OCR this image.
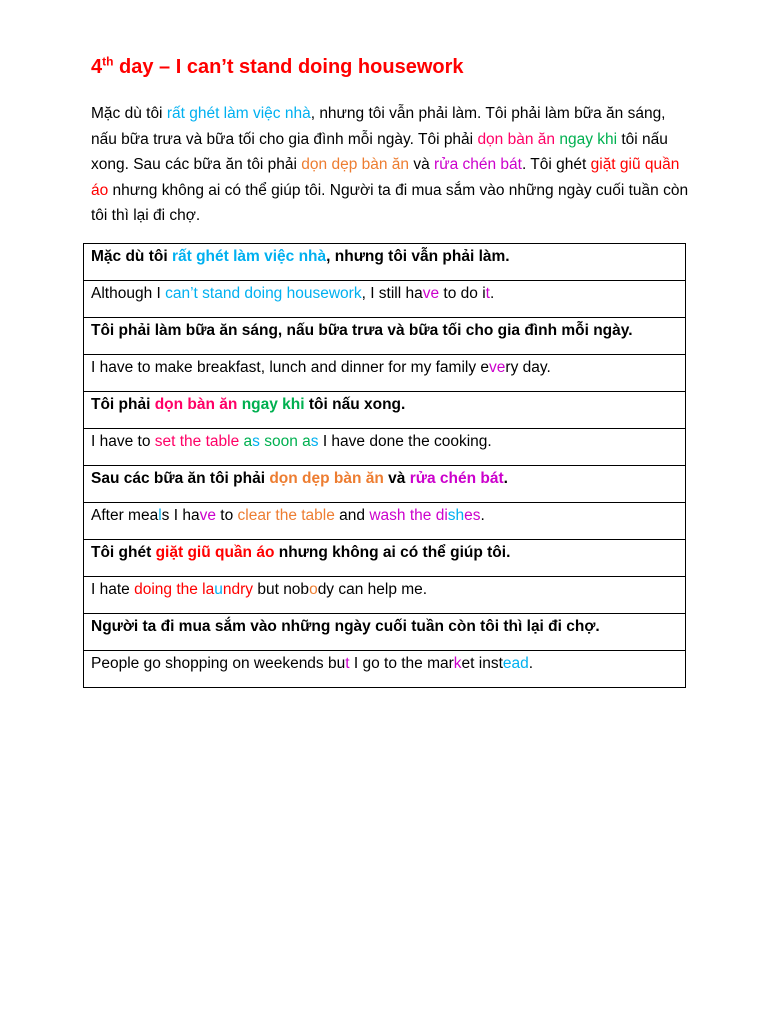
4th day – I can’t stand doing housework

Mặc dù tôi rất ghét làm việc nhà, nhưng tôi vẫn phải làm. Tôi phải làm bữa ăn sáng, nấu bữa trưa và bữa tối cho gia đình mỗi ngày. Tôi phải dọn bàn ăn ngay khi tôi nấu xong. Sau các bữa ăn tôi phải dọn dẹp bàn ăn và rửa chén bát. Tôi ghét giặt giũ quần áo nhưng không ai có thể giúp tôi. Người ta đi mua sắm vào những ngày cuối tuần còn tôi thì lại đi chợ.

Mặc dù tôi rất ghét làm việc nhà, nhưng tôi vẫn phải làm.
Although I can’t stand doing housework, I still have to do it.
Tôi phải làm bữa ăn sáng, nấu bữa trưa và bữa tối cho gia đình mỗi ngày.
I have to make breakfast, lunch and dinner for my family every day.
Tôi phải dọn bàn ăn ngay khi tôi nấu xong.
I have to set the table as soon as I have done the cooking.
Sau các bữa ăn tôi phải dọn dẹp bàn ăn và rửa chén bát.
After meals I have to clear the table and wash the dishes.
Tôi ghét giặt giũ quần áo nhưng không ai có thể giúp tôi.
I hate doing the laundry but nobody can help me.
Người ta đi mua sắm vào những ngày cuối tuần còn tôi thì lại đi chợ.
People go shopping on weekends but I go to the market instead.
